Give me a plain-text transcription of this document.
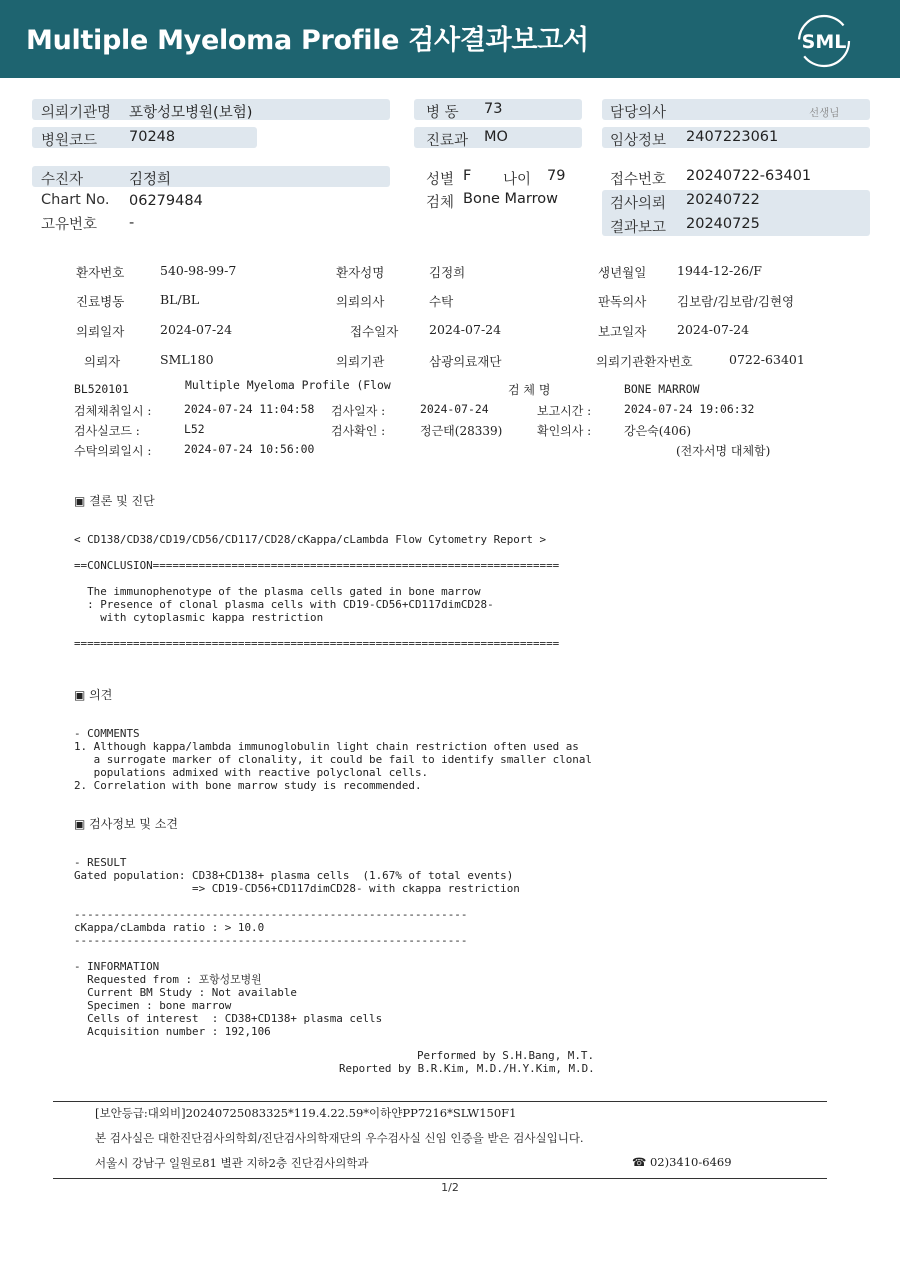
Multiple Myeloma Profile 검사결과보고서	SML
의뢰기관명 포항성모병원(보험)	병 동 73	담당의사	선생님
병원코드 70248	진료과 MO	임상정보 2407223061
수진자	김정희	성별 F 나이 79	접수번호 20240722-63401
Chart No. 06279484	검체 Bone Marrow	검사의뢰 20240722
고유번호 -	결과보고 20240725
환자번호	540-98-99-7	환자성명	김정희	생년월일 1944-12-26/F
진료병동	BL/BL	의뢰의사	수탁	판독의사 김보람/김보람/김현영
의뢰일자	2024-07-24	접수일자 2024-07-24	보고일자 2024-07-24
의뢰자	SML180	의뢰기관	삼광의료재단	의뢰기관환자번호	0722-63401
BL520101	Multiple Myeloma Profile (Flow	검 체 명	BONE MARROW
검체채취일시 :	2024-07-24 11:04:58 검사일자 :	2024-07-24	보고시간 :	2024-07-24 19:06:32
검사실코드 :	L52	검사확인 :	정근태(28339)	확인의사 :	강은숙(406)
수탁의뢰일시 :	2024-07-24 10:56:00	(전자서명 대체함)
▣ 결론 및 진단
< CD138/CD38/CD19/CD56/CD117/CD28/cKappa/cLambda Flow Cytometry Report >

==CONCLUSION==============================================================

The immunophenotype of the plasma cells gated in bone marrow
: Presence of clonal plasma cells with CD19-CD56+CD117dimCD28-
with cytoplasmic kappa restriction

==========================================================================
▣ 의견
- COMMENTS
1. Although kappa/lambda immunoglobulin light chain restriction often used as
a surrogate marker of clonality, it could be fail to identify smaller clonal
populations admixed with reactive polyclonal cells.
2. Correlation with bone marrow study is recommended.
▣ 검사정보 및 소견
- RESULT
Gated population: CD38+CD138+ plasma cells  (1.67% of total events)
=> CD19-CD56+CD117dimCD28- with ckappa restriction

------------------------------------------------------------
cKappa/cLambda ratio : > 10.0
------------------------------------------------------------

- INFORMATION
Requested from : 포항성모병원
Current BM Study : Not available
Specimen : bone marrow
Cells of interest  : CD38+CD138+ plasma cells
Acquisition number : 192,106
Performed by S.H.Bang, M.T.
Reported by B.R.Kim, M.D./H.Y.Kim, M.D.
[보안등급:대외비]20240725083325*119.4.22.59*이하얀PP7216*SLW150F1
본 검사실은 대한진단검사의학회/진단검사의학재단의 우수검사실 신임 인증을 받은 검사실입니다.
서울시 강남구 일원로81 별관 지하2층 진단검사의학과	☎ 02)3410-6469
1/2
